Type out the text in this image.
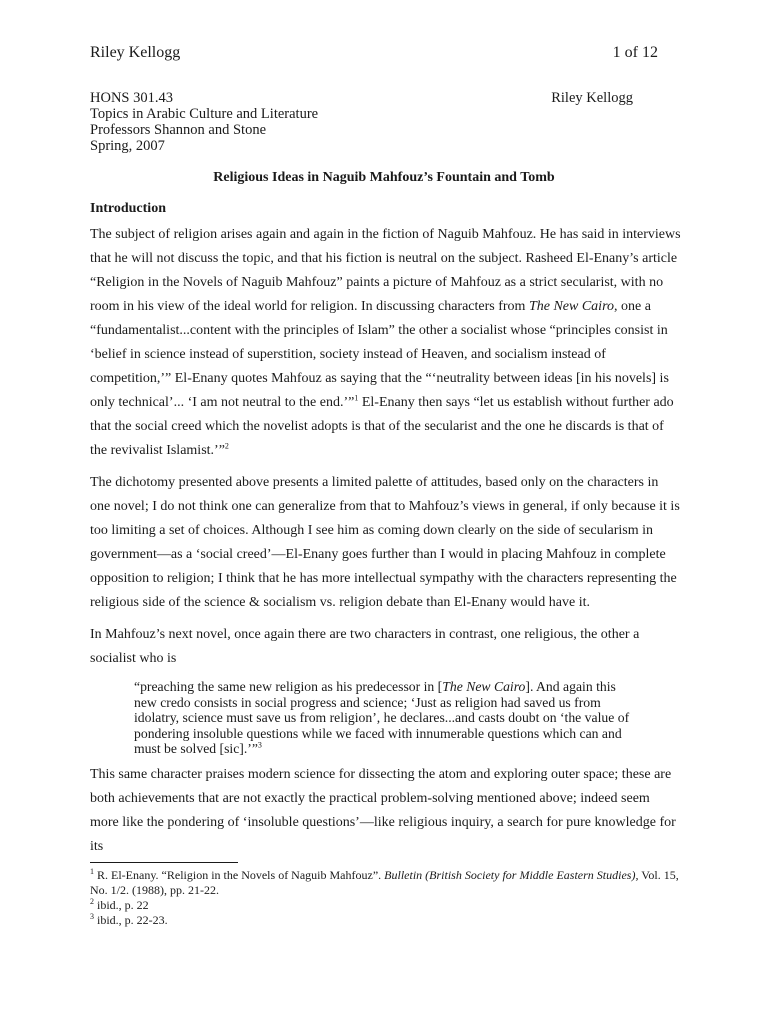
Riley Kellogg	1 of 12
HONS 301.43	Riley Kellogg
Topics in Arabic Culture and Literature
Professors Shannon and Stone
Spring, 2007
Religious Ideas in Naguib Mahfouz’s Fountain and Tomb
Introduction

The subject of religion arises again and again in the fiction of Naguib Mahfouz. He has said in interviews that he will not discuss the topic, and that his fiction is neutral on the subject. Rasheed El-Enany’s article “Religion in the Novels of Naguib Mahfouz” paints a picture of Mahfouz as a strict secularist, with no room in his view of the ideal world for religion. In discussing characters from The New Cairo, one a “fundamentalist...content with the principles of Islam” the other a socialist whose “principles consist in ‘belief in science instead of superstition, society instead of Heaven, and socialism instead of competition,’” El-Enany quotes Mahfouz as saying that the “‘neutrality between ideas [in his novels] is only technical’... ‘I am not neutral to the end.’”$^1$ El-Enany then says “let us establish without further ado that the social creed which the novelist adopts is that of the secularist and the one he discards is that of the revivalist Islamist.’”$^2$

The dichotomy presented above presents a limited palette of attitudes, based only on the characters in one novel; I do not think one can generalize from that to Mahfouz’s views in general, if only because it is too limiting a set of choices. Although I see him as coming down clearly on the side of secularism in government—as a ‘social creed’—El-Enany goes further than I would in placing Mahfouz in complete opposition to religion; I think that he has more intellectual sympathy with the characters representing the religious side of the science & socialism vs. religion debate than El-Enany would have it.

In Mahfouz’s next novel, once again there are two characters in contrast, one religious, the other a socialist who is

“preaching the same new religion as his predecessor in [The New Cairo]. And again this new credo consists in social progress and science; ‘Just as religion had saved us from idolatry, science must save us from religion’, he declares...and casts doubt on ‘the value of pondering insoluble questions while we faced with innumerable questions which can and must be solved [sic].’”$^3$

This same character praises modern science for dissecting the atom and exploring outer space; these are both achievements that are not exactly the practical problem-solving mentioned above; indeed seem more like the pondering of ‘insoluble questions’—like religious inquiry, a search for pure knowledge for its

$^1$ R. El-Enany. “Religion in the Novels of Naguib Mahfouz”. Bulletin (British Society for Middle Eastern Studies), Vol. 15, No. 1/2. (1988), pp. 21-22.
$^2$ ibid., p. 22
$^3$ ibid., p. 22-23.
